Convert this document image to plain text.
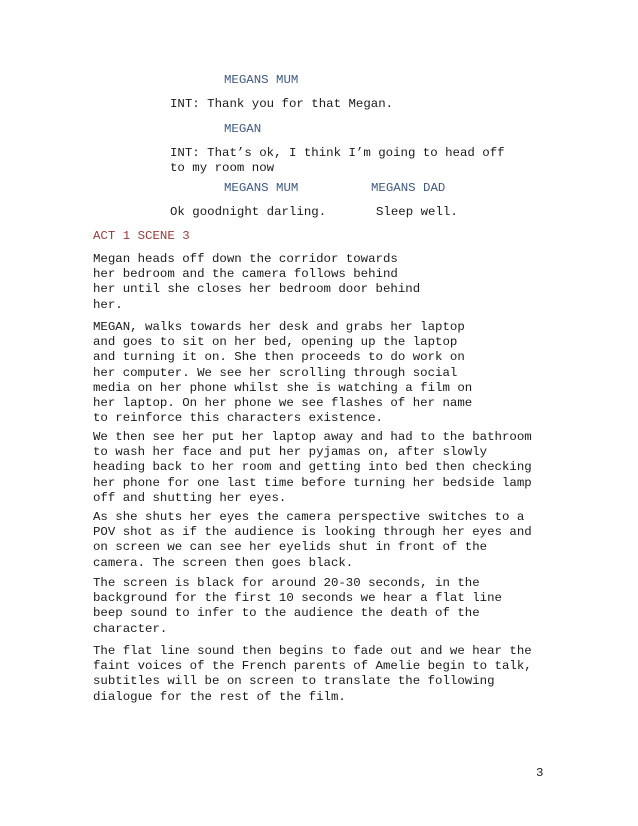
MEGANS MUM
INT: Thank you for that Megan.
MEGAN
INT: That’s ok, I think I’m going to head off
to my room now
MEGANS MUM	MEGANS DAD
Ok goodnight darling.	Sleep well.
ACT 1 SCENE 3
Megan heads off down the corridor towards
her bedroom and the camera follows behind
her until she closes her bedroom door behind
her.
MEGAN, walks towards her desk and grabs her laptop
and goes to sit on her bed, opening up the laptop
and turning it on. She then proceeds to do work on
her computer. We see her scrolling through social
media on her phone whilst she is watching a film on
her laptop. On her phone we see flashes of her name
to reinforce this characters existence.
We then see her put her laptop away and had to the bathroom
to wash her face and put her pyjamas on, after slowly
heading back to her room and getting into bed then checking
her phone for one last time before turning her bedside lamp
off and shutting her eyes.
As she shuts her eyes the camera perspective switches to a
POV shot as if the audience is looking through her eyes and
on screen we can see her eyelids shut in front of the
camera. The screen then goes black.
The screen is black for around 20-30 seconds, in the
background for the first 10 seconds we hear a flat line
beep sound to infer to the audience the death of the
character.
The flat line sound then begins to fade out and we hear the
faint voices of the French parents of Amelie begin to talk,
subtitles will be on screen to translate the following
dialogue for the rest of the film.
3
